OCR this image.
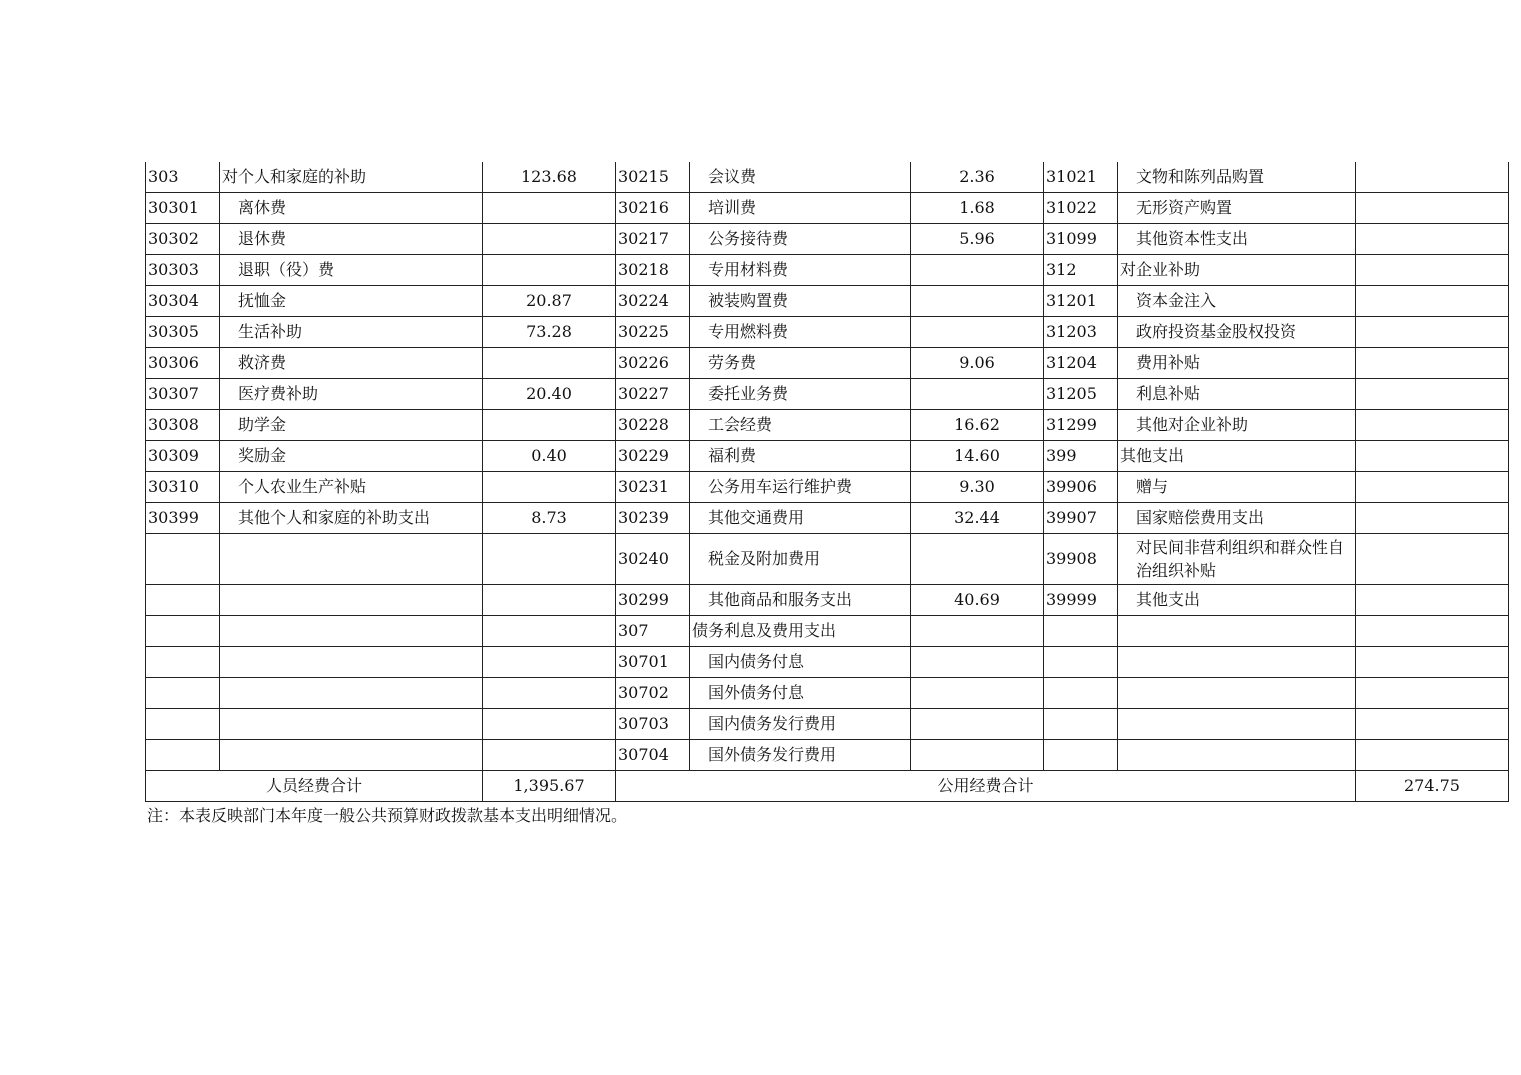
303	对个人和家庭的补助	123.68	30215	会议费	2.36	31021	文物和陈列品购置	
30301	离休费		30216	培训费	1.68	31022	无形资产购置	
30302	退休费		30217	公务接待费	5.96	31099	其他资本性支出	
30303	退职（役）费		30218	专用材料费		312	对企业补助	
30304	抚恤金	20.87	30224	被装购置费		31201	资本金注入	
30305	生活补助	73.28	30225	专用燃料费		31203	政府投资基金股权投资	
30306	救济费		30226	劳务费	9.06	31204	费用补贴	
30307	医疗费补助	20.40	30227	委托业务费		31205	利息补贴	
30308	助学金		30228	工会经费	16.62	31299	其他对企业补助	
30309	奖励金	0.40	30229	福利费	14.60	399	其他支出	
30310	个人农业生产补贴		30231	公务用车运行维护费	9.30	39906	赠与	
30399	其他个人和家庭的补助支出	8.73	30239	其他交通费用	32.44	39907	国家赔偿费用支出	
			30240	税金及附加费用		39908	对民间非营利组织和群众性自治组织补贴	
			30299	其他商品和服务支出	40.69	39999	其他支出	
			307	债务利息及费用支出				
			30701	国内债务付息				
			30702	国外债务付息				
			30703	国内债务发行费用				
			30704	国外债务发行费用				
人员经费合计		1,395.67	公用经费合计					274.75
注：本表反映部门本年度一般公共预算财政拨款基本支出明细情况。
